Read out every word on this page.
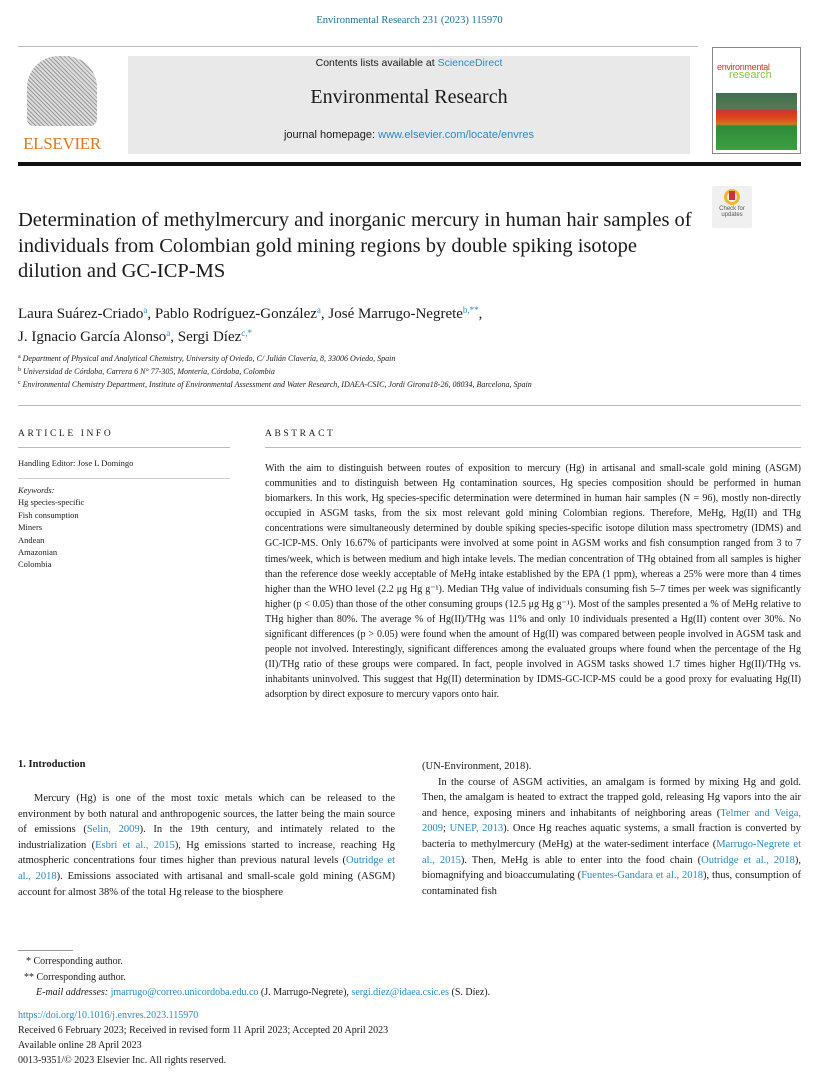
Environmental Research 231 (2023) 115970
ELSEVIER
Contents lists available at ScienceDirect
Environmental Research
journal homepage: www.elsevier.com/locate/envres
environmental
research
Check for updates
Determination of methylmercury and inorganic mercury in human hair samples of individuals from Colombian gold mining regions by double spiking isotope dilution and GC-ICP-MS
Laura Suárez-Criado$^a$, Pablo Rodríguez-González$^a$, José Marrugo-Negrete$^{b,**}$,
J. Ignacio García Alonso$^a$, Sergi Díez$^{c,*}$
$^a$ Department of Physical and Analytical Chemistry, University of Oviedo, C/ Julián Clavería, 8, 33006 Oviedo, Spain
$^b$ Universidad de Córdoba, Carrera 6 N° 77-305, Montería, Córdoba, Colombia
$^c$ Environmental Chemistry Department, Institute of Environmental Assessment and Water Research, IDAEA-CSIC, Jordi Girona18-26, 08034, Barcelona, Spain
ARTICLE INFO	ABSTRACT
Handling Editor: Jose L Domingo
Keywords:
Hg species-specific
Fish consumption
Miners
Andean
Amazonian
Colombia
With the aim to distinguish between routes of exposition to mercury (Hg) in artisanal and small-scale gold mining (ASGM) communities and to distinguish between Hg contamination sources, Hg species composition should be performed in human biomarkers. In this work, Hg species-specific determination were determined in human hair samples (N = 96), mostly non-directly occupied in ASGM tasks, from the six most relevant gold mining Colombian regions. Therefore, MeHg, Hg(II) and THg concentrations were simultaneously determined by double spiking species-specific isotope dilution mass spectrometry (IDMS) and GC-ICP-MS. Only 16.67% of participants were involved at some point in AGSM works and fish consumption ranged from 3 to 7 times/week, which is between medium and high intake levels. The median concentration of THg obtained from all samples is higher than the reference dose weekly acceptable of MeHg intake established by the EPA (1 ppm), whereas a 25% were more than 4 times higher than the WHO level (2.2 μg Hg g⁻¹). Median THg value of individuals consuming fish 5–7 times per week was significantly higher (p < 0.05) than those of the other consuming groups (12.5 μg Hg g⁻¹). Most of the samples presented a % of MeHg relative to THg higher than 80%. The average % of Hg(II)/THg was 11% and only 10 individuals presented a Hg(II) content over 30%. No significant differences (p > 0.05) were found when the amount of Hg(II) was compared between people involved in AGSM task and people not involved. Interestingly, significant differences among the evaluated groups where found when the percentage of the Hg (II)/THg ratio of these groups were compared. In fact, people involved in AGSM tasks showed 1.7 times higher Hg(II)/THg vs. inhabitants uninvolved. This suggest that Hg(II) determination by IDMS-GC-ICP-MS could be a good proxy for evaluating Hg(II) adsorption by direct exposure to mercury vapors onto hair.
1. Introduction

Mercury (Hg) is one of the most toxic metals which can be released to the environment by both natural and anthropogenic sources, the latter being the main source of emissions (Selin, 2009). In the 19th century, and intimately related to the industrialization (Esbrí et al., 2015), Hg emissions started to increase, reaching Hg atmospheric concentrations four times higher than previous natural levels (Outridge et al., 2018). Emissions associated with artisanal and small-scale gold mining (ASGM) account for almost 38% of the total Hg release to the biosphere

(UN-Environment, 2018).

In the course of ASGM activities, an amalgam is formed by mixing Hg and gold. Then, the amalgam is heated to extract the trapped gold, releasing Hg vapors into the air and hence, exposing miners and inhabitants of neighboring areas (Telmer and Veiga, 2009; UNEP, 2013). Once Hg reaches aquatic systems, a small fraction is converted by bacteria to methylmercury (MeHg) at the water-sediment interface (Marrugo-Negrete et al., 2015). Then, MeHg is able to enter into the food chain (Outridge et al., 2018), biomagnifying and bioaccumulating (Fuentes-Gandara et al., 2018), thus, consumption of contaminated fish

* Corresponding author.
** Corresponding author.
E-mail addresses: jmarrugo@correo.unicordoba.edu.co (J. Marrugo-Negrete), sergi.diez@idaea.csic.es (S. Díez).
https://doi.org/10.1016/j.envres.2023.115970
Received 6 February 2023; Received in revised form 11 April 2023; Accepted 20 April 2023
Available online 28 April 2023
0013-9351/© 2023 Elsevier Inc. All rights reserved.
